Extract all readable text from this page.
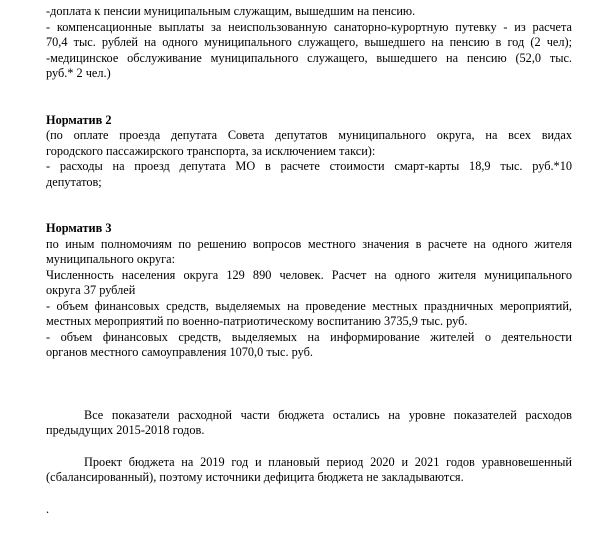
-доплата к пенсии муниципальным служащим, вышедшим на пенсию.
- компенсационные выплаты за неиспользованную санаторно-курортную путевку - из расчета
70,4 тыс. рублей на одного муниципального служащего, вышедшего на пенсию в год (2 чел);
-медицинское обслуживание муниципального служащего, вышедшего на пенсию (52,0 тыс.
руб.* 2 чел.)
Норматив 2
(по оплате проезда депутата Совета депутатов муниципального округа, на всех видах
городского пассажирского транспорта, за исключением такси):
- расходы на проезд депутата МО в расчете стоимости смарт-карты 18,9 тыс. руб.*10
депутатов;
Норматив 3
по иным полномочиям по решению вопросов местного значения в расчете на одного жителя
муниципального округа:
Численность населения округа 129 890 человек. Расчет на одного жителя муниципального
округа 37 рублей
- объем финансовых средств, выделяемых на проведение местных праздничных мероприятий,
местных мероприятий по военно-патриотическому воспитанию 3735,9 тыс. руб.
- объем финансовых средств, выделяемых на информирование жителей о деятельности
органов местного самоуправления 1070,0 тыс. руб.
Все показатели расходной части бюджета остались на уровне показателей расходов
предыдущих 2015-2018 годов.
Проект бюджета на 2019 год и плановый период 2020 и 2021 годов уравновешенный
(сбалансированный), поэтому источники дефицита бюджета не закладываются.
.
